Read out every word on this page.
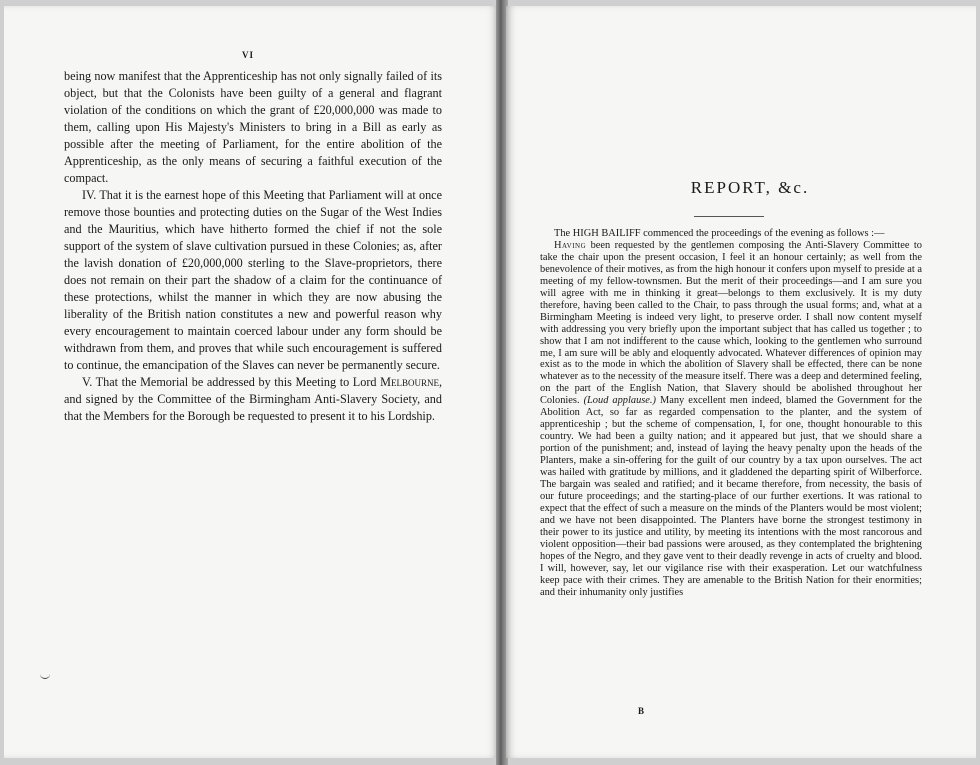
VI

being now manifest that the Apprenticeship has not only signally failed of its object, but that the Colonists have been guilty of a general and flagrant violation of the conditions on which the grant of £20,000,000 was made to them, calling upon His Majesty's Ministers to bring in a Bill as early as possible after the meeting of Parliament, for the entire abolition of the Apprenticeship, as the only means of securing a faithful execution of the compact.

IV. That it is the earnest hope of this Meeting that Parliament will at once remove those bounties and protecting duties on the Sugar of the West Indies and the Mauritius, which have hitherto formed the chief if not the sole support of the system of slave cultivation pursued in these Colonies; as, after the lavish donation of £20,000,000 sterling to the Slave-proprietors, there does not remain on their part the shadow of a claim for the continuance of these protections, whilst the manner in which they are now abusing the liberality of the British nation constitutes a new and powerful reason why every encouragement to maintain coerced labour under any form should be withdrawn from them, and proves that while such encouragement is suffered to continue, the emancipation of the Slaves can never be permanently secure.

V. That the Memorial be addressed by this Meeting to Lord Melbourne, and signed by the Committee of the Birmingham Anti-Slavery Society, and that the Members for the Borough be requested to present it to his Lordship.

REPORT, &c.

The HIGH BAILIFF commenced the proceedings of the evening as follows :—

Having been requested by the gentlemen composing the Anti-Slavery Committee to take the chair upon the present occasion, I feel it an honour certainly; as well from the benevolence of their motives, as from the high honour it confers upon myself to preside at a meeting of my fellow-townsmen. But the merit of their proceedings—and I am sure you will agree with me in thinking it great—belongs to them exclusively. It is my duty therefore, having been called to the Chair, to pass through the usual forms; and, what at a Birmingham Meeting is indeed very light, to preserve order. I shall now content myself with addressing you very briefly upon the important subject that has called us together ; to show that I am not indifferent to the cause which, looking to the gentlemen who surround me, I am sure will be ably and eloquently advocated. Whatever differences of opinion may exist as to the mode in which the abolition of Slavery shall be effected, there can be none whatever as to the necessity of the measure itself. There was a deep and determined feeling, on the part of the English Nation, that Slavery should be abolished throughout her Colonies. (Loud applause.) Many excellent men indeed, blamed the Government for the Abolition Act, so far as regarded compensation to the planter, and the system of apprenticeship ; but the scheme of compensation, I, for one, thought honourable to this country. We had been a guilty nation; and it appeared but just, that we should share a portion of the punishment; and, instead of laying the heavy penalty upon the heads of the Planters, make a sin-offering for the guilt of our country by a tax upon ourselves. The act was hailed with gratitude by millions, and it gladdened the departing spirit of Wilberforce. The bargain was sealed and ratified; and it became therefore, from necessity, the basis of our future proceedings; and the starting-place of our further exertions. It was rational to expect that the effect of such a measure on the minds of the Planters would be most violent; and we have not been disappointed. The Planters have borne the strongest testimony in their power to its justice and utility, by meeting its intentions with the most rancorous and violent opposition—their bad passions were aroused, as they contemplated the brightening hopes of the Negro, and they gave vent to their deadly revenge in acts of cruelty and blood. I will, however, say, let our vigilance rise with their exasperation. Let our watchfulness keep pace with their crimes. They are amenable to the British Nation for their enormities; and their inhumanity only justifies

B
